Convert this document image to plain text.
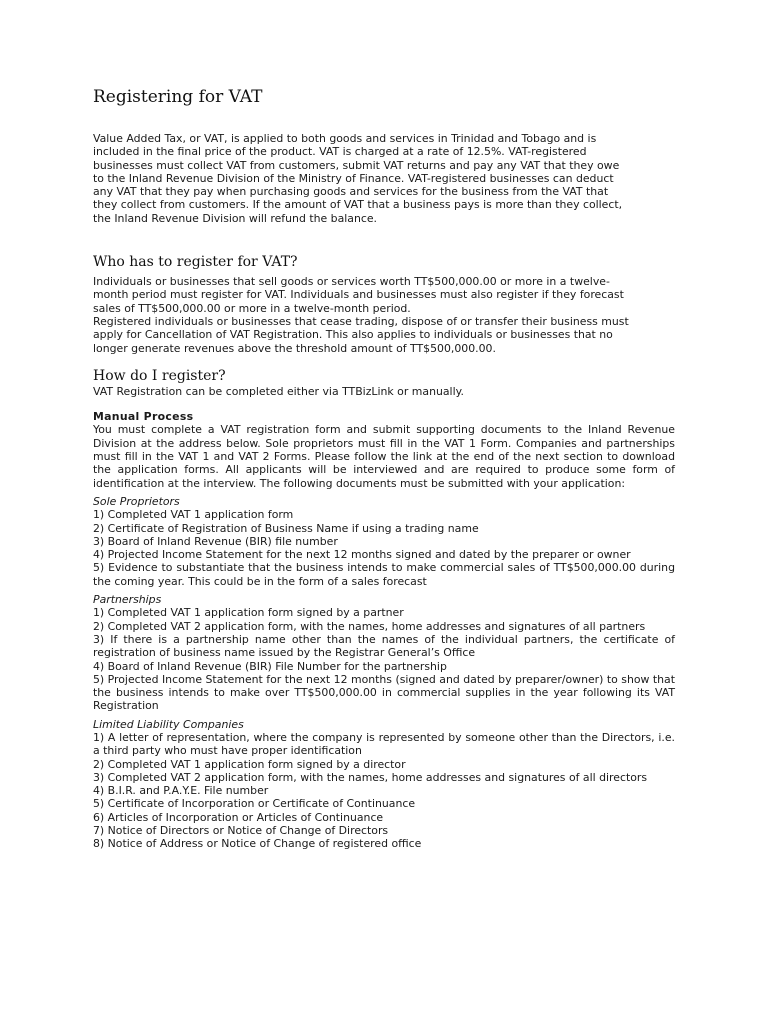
Registering for VAT

Value Added Tax, or VAT, is applied to both goods and services in Trinidad and Tobago and is
included in the final price of the product. VAT is charged at a rate of 12.5%. VAT-registered
businesses must collect VAT from customers, submit VAT returns and pay any VAT that they owe
to the Inland Revenue Division of the Ministry of Finance. VAT-registered businesses can deduct
any VAT that they pay when purchasing goods and services for the business from the VAT that
they collect from customers. If the amount of VAT that a business pays is more than they collect,
the Inland Revenue Division will refund the balance.

Who has to register for VAT?

Individuals or businesses that sell goods or services worth TT$500,000.00 or more in a twelve-
month period must register for VAT. Individuals and businesses must also register if they forecast
sales of TT$500,000.00 or more in a twelve-month period.

Registered individuals or businesses that cease trading, dispose of or transfer their business must
apply for Cancellation of VAT Registration. This also applies to individuals or businesses that no
longer generate revenues above the threshold amount of TT$500,000.00.

How do I register?

VAT Registration can be completed either via TTBizLink or manually.

Manual Process

You must complete a VAT registration form and submit supporting documents to the Inland Revenue Division at the address below. Sole proprietors must fill in the VAT 1 Form. Companies and partnerships must fill in the VAT 1 and VAT 2 Forms. Please follow the link at the end of the next section to download the application forms. All applicants will be interviewed and are required to produce some form of identification at the interview. The following documents must be submitted with your application:

Sole Proprietors

1) Completed VAT 1 application form
2) Certificate of Registration of Business Name if using a trading name
3) Board of Inland Revenue (BIR) file number
4) Projected Income Statement for the next 12 months signed and dated by the preparer or owner
5) Evidence to substantiate that the business intends to make commercial sales of TT$500,000.00 during the coming year. This could be in the form of a sales forecast

Partnerships

1) Completed VAT 1 application form signed by a partner
2) Completed VAT 2 application form, with the names, home addresses and signatures of all partners
3) If there is a partnership name other than the names of the individual partners, the certificate of registration of business name issued by the Registrar General’s Office
4) Board of Inland Revenue (BIR) File Number for the partnership
5) Projected Income Statement for the next 12 months (signed and dated by preparer/owner) to show that the business intends to make over TT$500,000.00 in commercial supplies in the year following its VAT Registration

Limited Liability Companies

1) A letter of representation, where the company is represented by someone other than the Directors, i.e. a third party who must have proper identification
2) Completed VAT 1 application form signed by a director
3) Completed VAT 2 application form, with the names, home addresses and signatures of all directors
4) B.I.R. and P.A.Y.E. File number
5) Certificate of Incorporation or Certificate of Continuance
6) Articles of Incorporation or Articles of Continuance
7) Notice of Directors or Notice of Change of Directors
8) Notice of Address or Notice of Change of registered office
